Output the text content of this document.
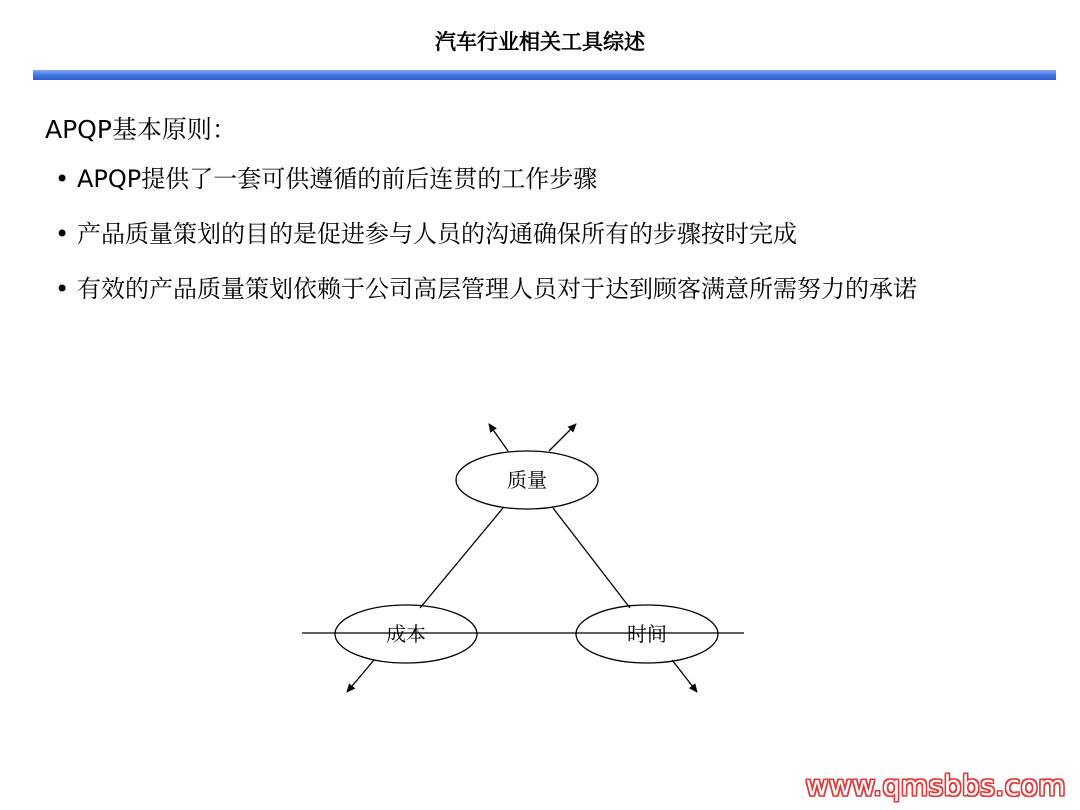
汽车行业相关工具综述
APQP基本原则：
• APQP提供了一套可供遵循的前后连贯的工作步骤
• 产品质量策划的目的是促进参与人员的沟通确保所有的步骤按时完成
• 有效的产品质量策划依赖于公司高层管理人员对于达到顾客满意所需努力的承诺
质量
成本	时间
www.qmsbbs.com
